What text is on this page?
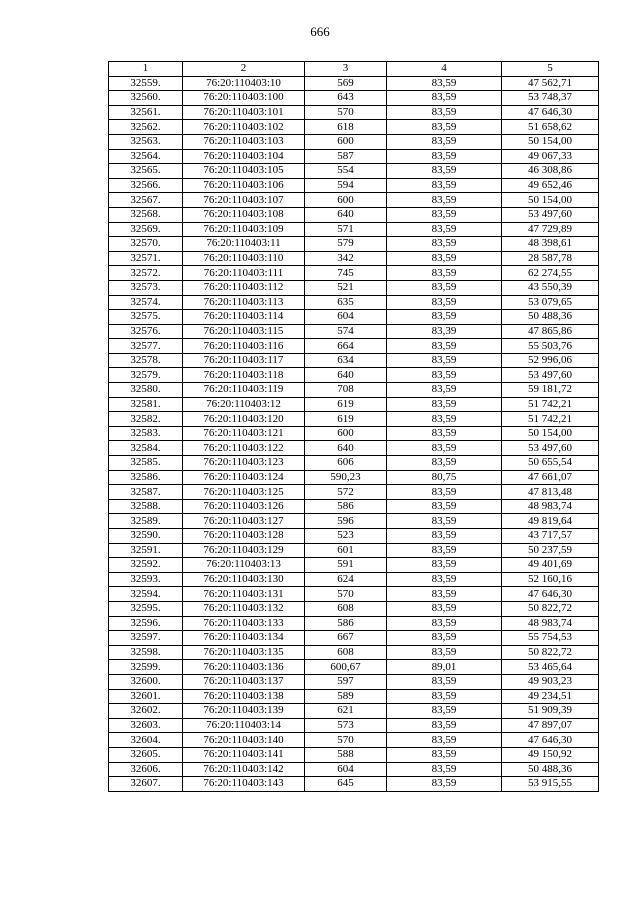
666
1	2	3	4	5
32559.	76:20:110403:10	569	83,59	47 562,71
32560.	76:20:110403:100	643	83,59	53 748,37
32561.	76:20:110403:101	570	83,59	47 646,30
32562.	76:20:110403:102	618	83,59	51 658,62
32563.	76:20:110403:103	600	83,59	50 154,00
32564.	76:20:110403:104	587	83,59	49 067,33
32565.	76:20:110403:105	554	83,59	46 308,86
32566.	76:20:110403:106	594	83,59	49 652,46
32567.	76:20:110403:107	600	83,59	50 154,00
32568.	76:20:110403:108	640	83,59	53 497,60
32569.	76:20:110403:109	571	83,59	47 729,89
32570.	76:20:110403:11	579	83,59	48 398,61
32571.	76:20:110403:110	342	83,59	28 587,78
32572.	76:20:110403:111	745	83,59	62 274,55
32573.	76:20:110403:112	521	83,59	43 550,39
32574.	76:20:110403:113	635	83,59	53 079,65
32575.	76:20:110403:114	604	83,59	50 488,36
32576.	76:20:110403:115	574	83,39	47 865,86
32577.	76:20:110403:116	664	83,59	55 503,76
32578.	76:20:110403:117	634	83,59	52 996,06
32579.	76:20:110403:118	640	83,59	53 497,60
32580.	76:20:110403:119	708	83,59	59 181,72
32581.	76:20:110403:12	619	83,59	51 742,21
32582.	76:20:110403:120	619	83,59	51 742,21
32583.	76:20:110403:121	600	83,59	50 154,00
32584.	76:20:110403:122	640	83,59	53 497,60
32585.	76:20:110403:123	606	83,59	50 655,54
32586.	76:20:110403:124	590,23	80,75	47 661,07
32587.	76:20:110403:125	572	83,59	47 813,48
32588.	76:20:110403:126	586	83,59	48 983,74
32589.	76:20:110403:127	596	83,59	49 819,64
32590.	76:20:110403:128	523	83,59	43 717,57
32591.	76:20:110403:129	601	83,59	50 237,59
32592.	76:20:110403:13	591	83,59	49 401,69
32593.	76:20:110403:130	624	83,59	52 160,16
32594.	76:20:110403:131	570	83,59	47 646,30
32595.	76:20:110403:132	608	83,59	50 822,72
32596.	76:20:110403:133	586	83,59	48 983,74
32597.	76:20:110403:134	667	83,59	55 754,53
32598.	76:20:110403:135	608	83,59	50 822,72
32599.	76:20:110403:136	600,67	89,01	53 465,64
32600.	76:20:110403:137	597	83,59	49 903,23
32601.	76:20:110403:138	589	83,59	49 234,51
32602.	76:20:110403:139	621	83,59	51 909,39
32603.	76:20:110403:14	573	83,59	47 897,07
32604.	76:20:110403:140	570	83,59	47 646,30
32605.	76:20:110403:141	588	83,59	49 150,92
32606.	76:20:110403:142	604	83,59	50 488,36
32607.	76:20:110403:143	645	83,59	53 915,55
